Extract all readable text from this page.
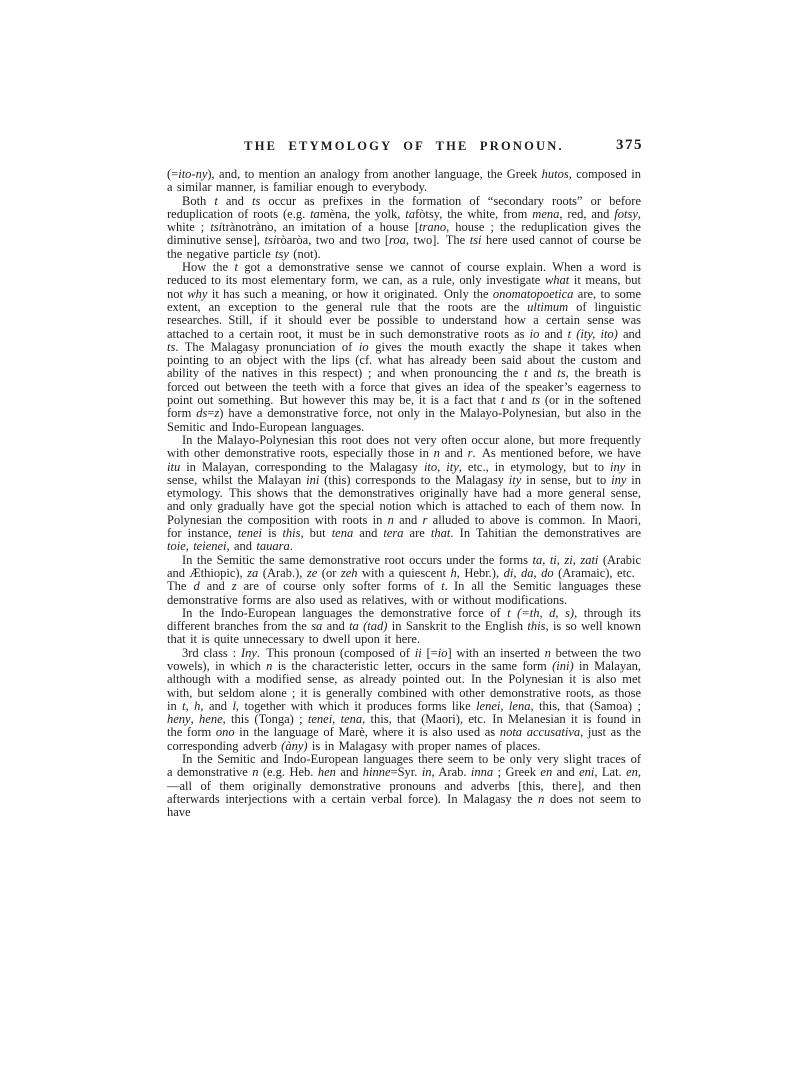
THE ETYMOLOGY OF THE PRONOUN.	375

(=ito-ny), and, to mention an analogy from another language, the Greek hutos, composed in a similar manner, is familiar enough to everybody.

Both t and ts occur as prefixes in the formation of “secondary roots” or before reduplication of roots (e.g. tamèna, the yolk, tafòtsy, the white, from mena, red, and fotsy, white ; tsitrànotràno, an imitation of a house [trano, house ; the reduplication gives the diminutive sense], tsiròaròa, two and two [roa, two]. The tsi here used cannot of course be the negative particle tsy (not).

How the t got a demonstrative sense we cannot of course explain. When a word is reduced to its most elementary form, we can, as a rule, only investigate what it means, but not why it has such a meaning, or how it originated. Only the onomatopoetica are, to some extent, an exception to the general rule that the roots are the ultimum of linguistic researches. Still, if it should ever be possible to understand how a certain sense was attached to a certain root, it must be in such demonstrative roots as io and t (ity, ito) and ts. The Malagasy pronunciation of io gives the mouth exactly the shape it takes when pointing to an object with the lips (cf. what has already been said about the custom and ability of the natives in this respect) ; and when pronouncing the t and ts, the breath is forced out between the teeth with a force that gives an idea of the speaker’s eagerness to point out something. But however this may be, it is a fact that t and ts (or in the softened form ds=z) have a demonstrative force, not only in the Malayo-Polynesian, but also in the Semitic and Indo-European languages.

In the Malayo-Polynesian this root does not very often occur alone, but more frequently with other demonstrative roots, especially those in n and r. As mentioned before, we have itu in Malayan, corresponding to the Malagasy ito, ity, etc., in etymology, but to iny in sense, whilst the Malayan ini (this) corresponds to the Malagasy ity in sense, but to iny in etymology. This shows that the demonstratives originally have had a more general sense, and only gradually have got the special notion which is attached to each of them now. In Polynesian the composition with roots in n and r alluded to above is common. In Maori, for instance, tenei is this, but tena and tera are that. In Tahitian the demonstratives are toie, teienei, and tauara.

In the Semitic the same demonstrative root occurs under the forms ta, ti, zi, zati (Arabic and Æthiopic), za (Arab.), ze (or zeh with a quiescent h, Hebr.), di, da, do (Aramaic), etc. The d and z are of course only softer forms of t. In all the Semitic languages these demonstrative forms are also used as relatives, with or without modifications.

In the Indo-European languages the demonstrative force of t (=th, d, s), through its different branches from the sa and ta (tad) in Sanskrit to the English this, is so well known that it is quite unnecessary to dwell upon it here.

3rd class : Iny. This pronoun (composed of ii [=io] with an inserted n between the two vowels), in which n is the characteristic letter, occurs in the same form (ini) in Malayan, although with a modified sense, as already pointed out. In the Polynesian it is also met with, but seldom alone ; it is generally combined with other demonstrative roots, as those in t, h, and l, together with which it produces forms like lenei, lena, this, that (Samoa) ; heny, hene, this (Tonga) ; tenei, tena, this, that (Maori), etc. In Melanesian it is found in the form ono in the language of Marè, where it is also used as nota accusativa, just as the corresponding adverb (àny) is in Malagasy with proper names of places.

In the Semitic and Indo-European languages there seem to be only very slight traces of a demonstrative n (e.g. Heb. hen and hinne=Syr. in, Arab. inna ; Greek en and eni, Lat. en,—all of them originally demonstrative pronouns and adverbs [this, there], and then afterwards interjections with a certain verbal force). In Malagasy the n does not seem to have
